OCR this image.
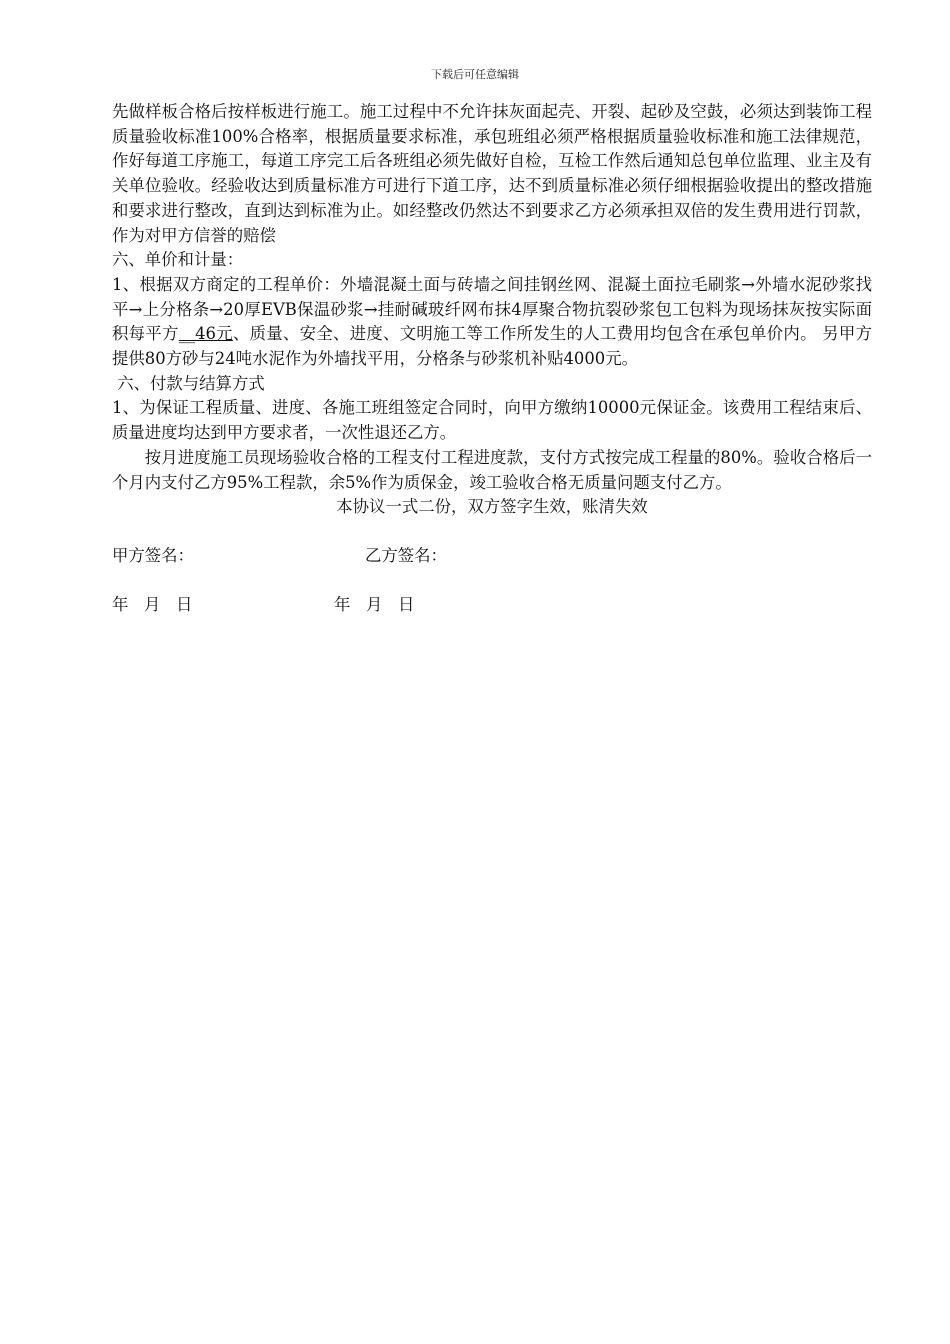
下载后可任意编辑

先做样板合格后按样板进行施工。施工过程中不允许抹灰面起壳、开裂、起砂及空鼓，必须达到装饰工程质量验收标准100%合格率，根据质量要求标准，承包班组必须严格根据质量验收标准和施工法律规范，作好每道工序施工，每道工序完工后各班组必须先做好自检，互检工作然后通知总包单位监理、业主及有关单位验收。经验收达到质量标准方可进行下道工序，达不到质量标准必须仔细根据验收提出的整改措施和要求进行整改，直到达到标准为止。如经整改仍然达不到要求乙方必须承担双倍的发生费用进行罚款，作为对甲方信誉的赔偿

六、单价和计量：

1、根据双方商定的工程单价：外墙混凝土面与砖墙之间挂钢丝网、混凝土面拉毛刷浆→外墙水泥砂浆找平→上分格条→20厚EVB保温砂浆→挂耐碱玻纤网布抹4厚聚合物抗裂砂浆包工包料为现场抹灰按实际面积每平方__46元、质量、安全、进度、文明施工等工作所发生的人工费用均包含在承包单价内。 另甲方提供80方砂与24吨水泥作为外墙找平用，分格条与砂浆机补贴4000元。

六、付款与结算方式

1、为保证工程质量、进度、各施工班组签定合同时，向甲方缴纳10000元保证金。该费用工程结束后、质量进度均达到甲方要求者，一次性退还乙方。

按月进度施工员现场验收合格的工程支付工程进度款，支付方式按完成工程量的80%。验收合格后一个月内支付乙方95%工程款，余5%作为质保金，竣工验收合格无质量问题支付乙方。

本协议一式二份，双方签字生效，账清失效

甲方签名：	乙方签名：
年   月   日	年   月   日
